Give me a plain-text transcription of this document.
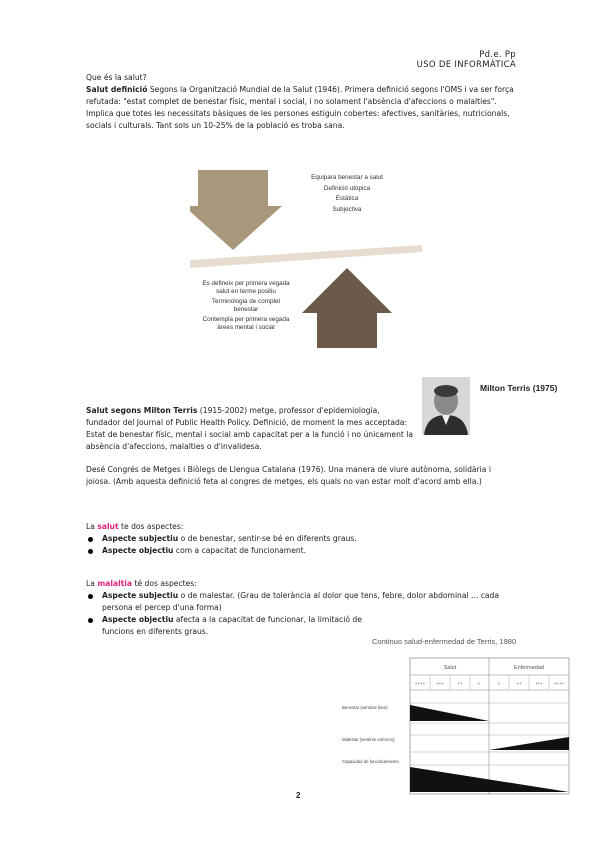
Pd.e. Pp
USO DE INFORMÁTICA
Que és la salut?
Salut definició Segons la Organització Mundial de la Salut (1946). Primera definició segons l'OMS i va ser força refutada: "estat complet de benestar físic, mental i social, i no solament l'absència d'afeccions o malalties". Implica que totes les necessitats bàsiques de les persones estiguin cobertes: afectives, sanitàries, nutricionals, socials i culturals. Tant sols un 10-25% de la població es troba sana.
Equipara benestar a salut
Definició utòpica
Estàtica
Subjectiva
Es defineix per primera vegada salut en terme positiu
Terminologia de complet benestar
Contempla per primera vegada àrees mental i social
Milton Terris (1975)
Salut segons Milton Terris (1915-2002) metge, professor d'epidemiologia, fundador del Journal of Public Health Policy. Definició, de moment la mes acceptada: Estat de benestar físic, mental i social amb capacitat per a la funció i no únicament la absència d'afeccions, malalties o d'invalidesa.
Desé Congrés de Metges i Biòlegs de Llengua Catalana (1976). Una manera de viure autònoma, solidària i joiosa. (Amb aquesta definició feta al congres de metges, els quals no van estar molt d'acord amb ella.)
La salut te dos aspectes:
Aspecte subjectiu o de benestar, sentir-se bé en diferents graus.
Aspecte objectiu com a capacitat de funcionament.
La malaltia té dos aspectes:
Aspecte subjectiu o de malestar. (Grau de tolerància al dolor que tens, febre, dolor abdominal ... cada persona el percep d'una forma)
Aspecte objectiu afecta a la capacitat de funcionar, la limitació de funcions en diferents graus.
Continuo salud-enfermedad de Terris, 1980
Salut	Enfermedad
++++ +++	++	+	+	++	+++ ++++
Benestar (sentirse bien)
Malestar (sentirse enfermo)
Capacidad de funcionamiento
2
